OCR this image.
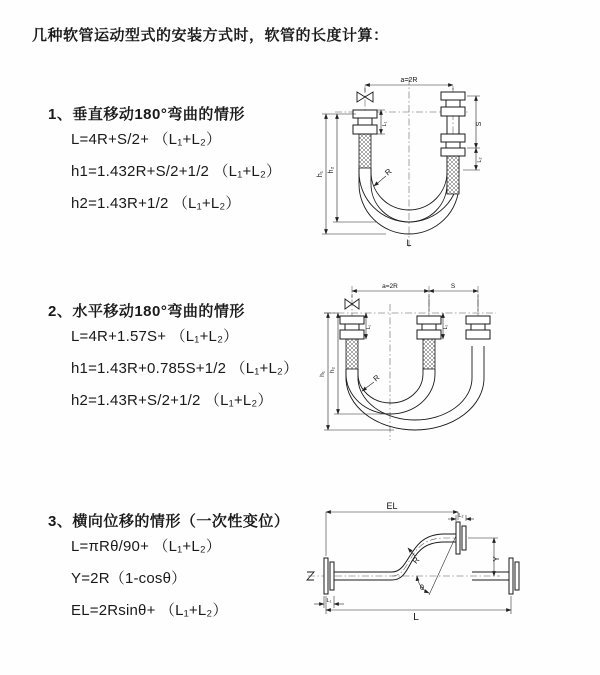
几种软管运动型式的安装方式时，软管的长度计算：
1、垂直移动180°弯曲的情形
L=4R+S/2+ （L₁+L₂）
h1=1.432R+S/2+1/2 （L₁+L₂）
h2=1.43R+1/2 （L₁+L₂）
a=2R
L₁	S
L₂
h₁
h₂	R
L
2、水平移动180°弯曲的情形
L=4R+1.57S+ （L₁+L₂）
h1=1.43R+0.785S+1/2 （L₁+L₂）
h2=1.43R+S/2+1/2 （L₁+L₂）
a=2R	S
L₁	L₂
h₁
h₂
R
3、横向位移的情形（一次性变位）
L=πRθ/90+ （L₁+L₂）
Y=2R（1-cosθ）
EL=2Rsinθ+ （L₁+L₂）
EL
L
Y
R
θ
L₂
L₁
